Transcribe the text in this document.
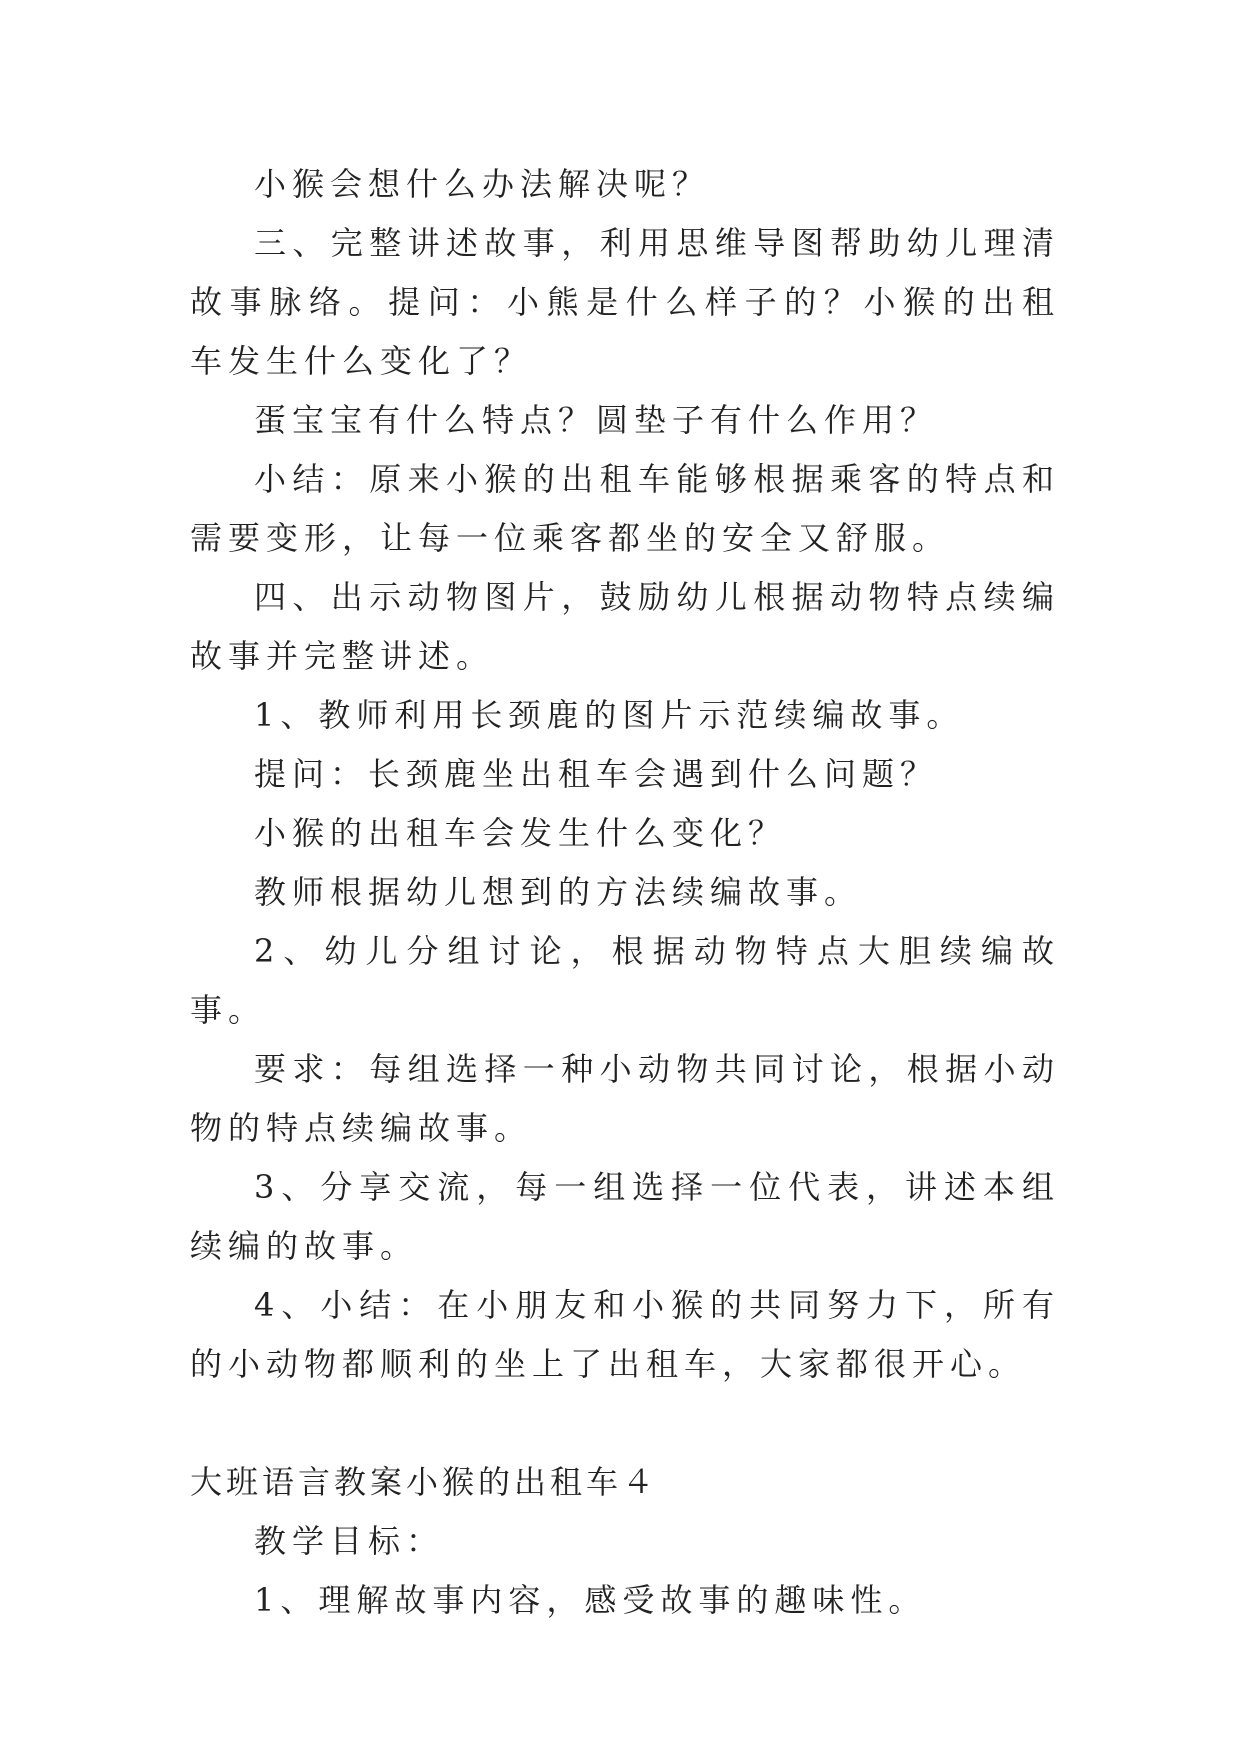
小猴会想什么办法解决呢？

三、完整讲述故事，利用思维导图帮助幼儿理清故事脉络。提问：小熊是什么样子的？小猴的出租车发生什么变化了？

蛋宝宝有什么特点？圆垫子有什么作用？

小结：原来小猴的出租车能够根据乘客的特点和需要变形，让每一位乘客都坐的安全又舒服。

四、出示动物图片，鼓励幼儿根据动物特点续编故事并完整讲述。

1、教师利用长颈鹿的图片示范续编故事。

提问：长颈鹿坐出租车会遇到什么问题？

小猴的出租车会发生什么变化？

教师根据幼儿想到的方法续编故事。

2、幼儿分组讨论，根据动物特点大胆续编故事。

要求：每组选择一种小动物共同讨论，根据小动物的特点续编故事。

3、分享交流，每一组选择一位代表，讲述本组续编的故事。

4、小结：在小朋友和小猴的共同努力下，所有的小动物都顺利的坐上了出租车，大家都很开心。

大班语言教案小猴的出租车４

教学目标：

1、理解故事内容，感受故事的趣味性。
